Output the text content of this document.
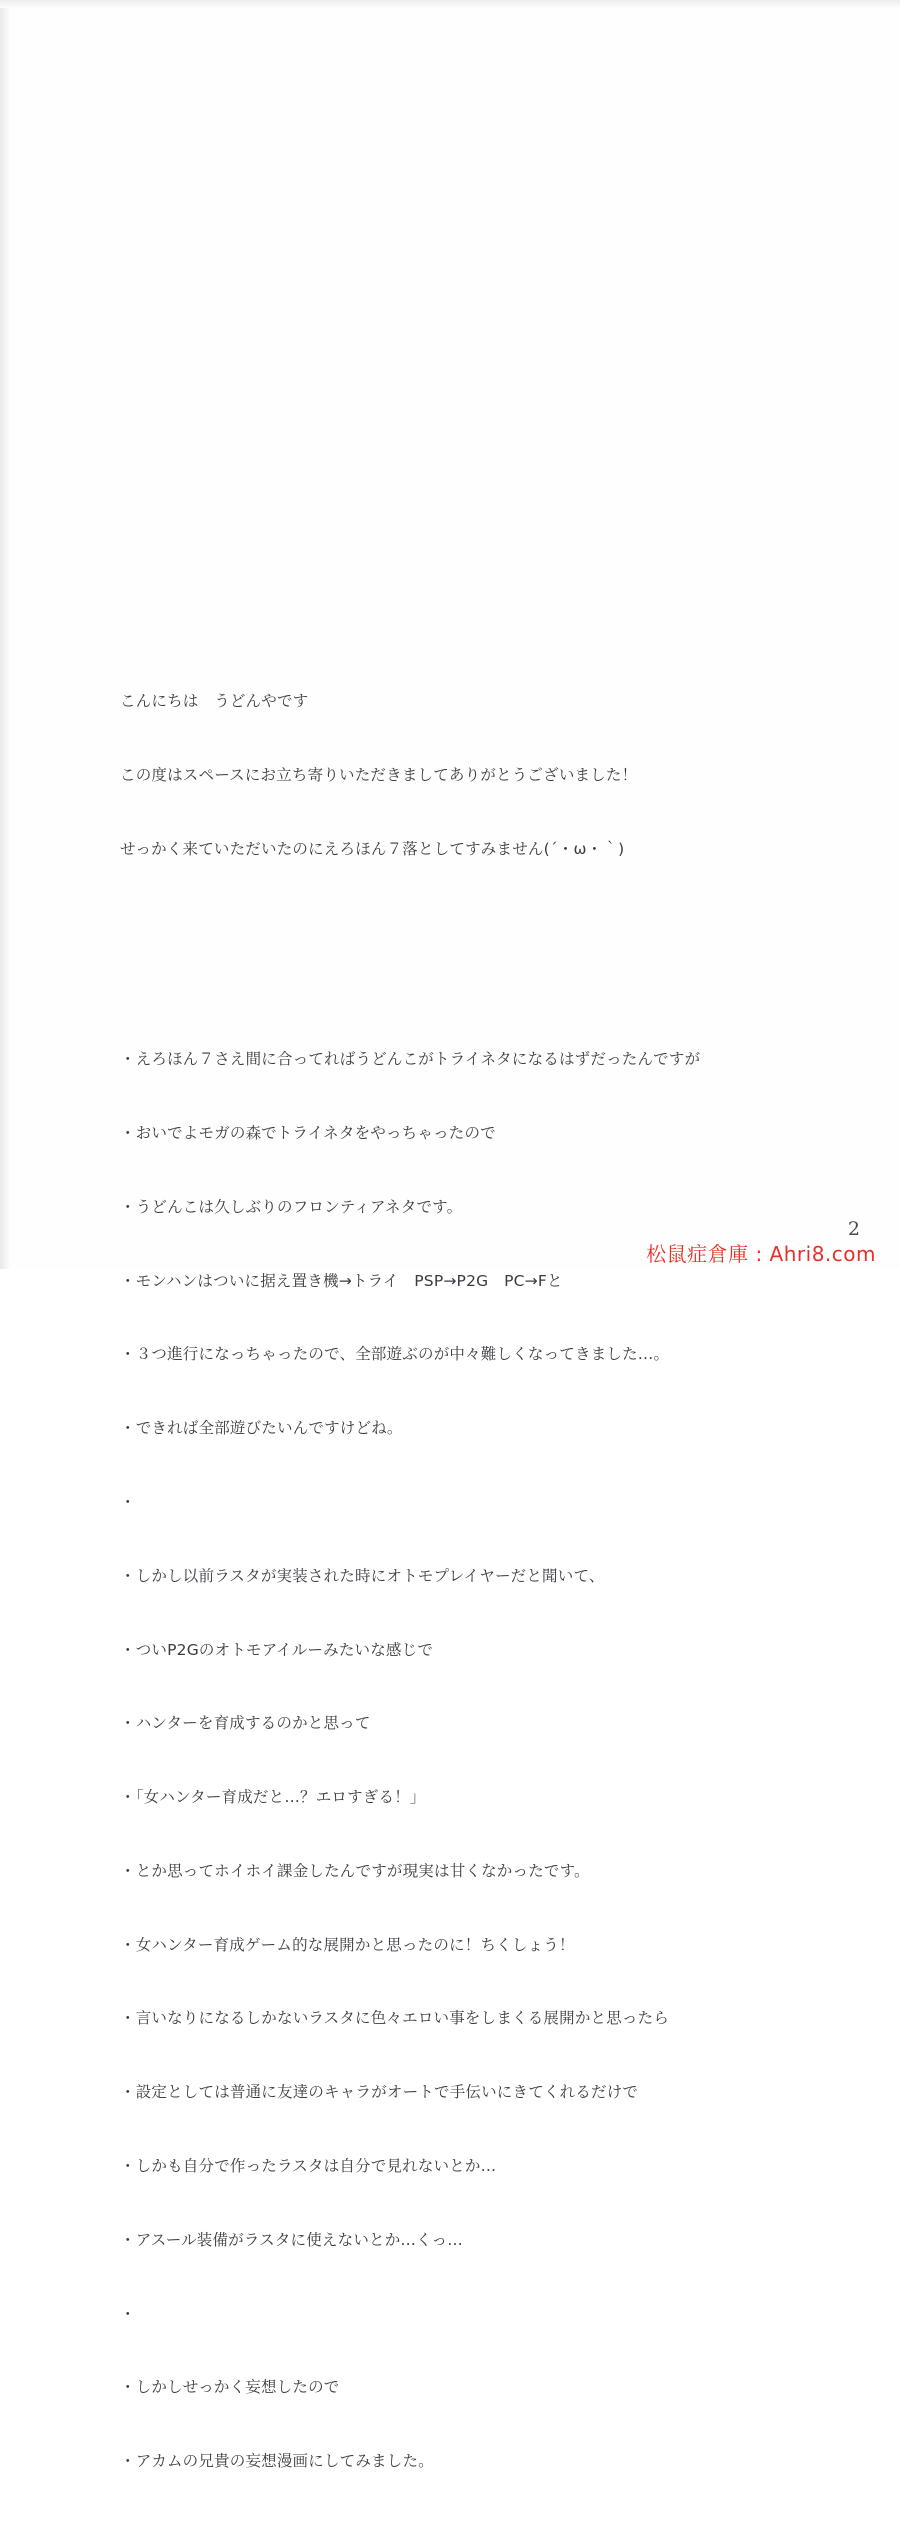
こんにちは　うどんやです

この度はスペースにお立ち寄りいただきましてありがとうございました！

せっかく来ていただいたのにえろほん７落としてすみません(´・ω・｀)

・えろほん７さえ間に合ってればうどんこがトライネタになるはずだったんですが

・おいでよモガの森でトライネタをやっちゃったので

・うどんこは久しぶりのフロンティアネタです。

・モンハンはついに据え置き機→トライ　PSP→P2G　PC→Fと

・３つ進行になっちゃったので、全部遊ぶのが中々難しくなってきました…。

・できれば全部遊びたいんですけどね。

・

・しかし以前ラスタが実装された時にオトモプレイヤーだと聞いて、

・ついP2Gのオトモアイルーみたいな感じで

・ハンターを育成するのかと思って

・「女ハンター育成だと…？エロすぎる！」

・とか思ってホイホイ課金したんですが現実は甘くなかったです。

・女ハンター育成ゲーム的な展開かと思ったのに！ちくしょう！

・言いなりになるしかないラスタに色々エロい事をしまくる展開かと思ったら

・設定としては普通に友達のキャラがオートで手伝いにきてくれるだけで

・しかも自分で作ったラスタは自分で見れないとか…

・アスール装備がラスタに使えないとか…くっ…

・

・しかしせっかく妄想したので

・アカムの兄貴の妄想漫画にしてみました。

2
松鼠症倉庫 : Ahri8.com
